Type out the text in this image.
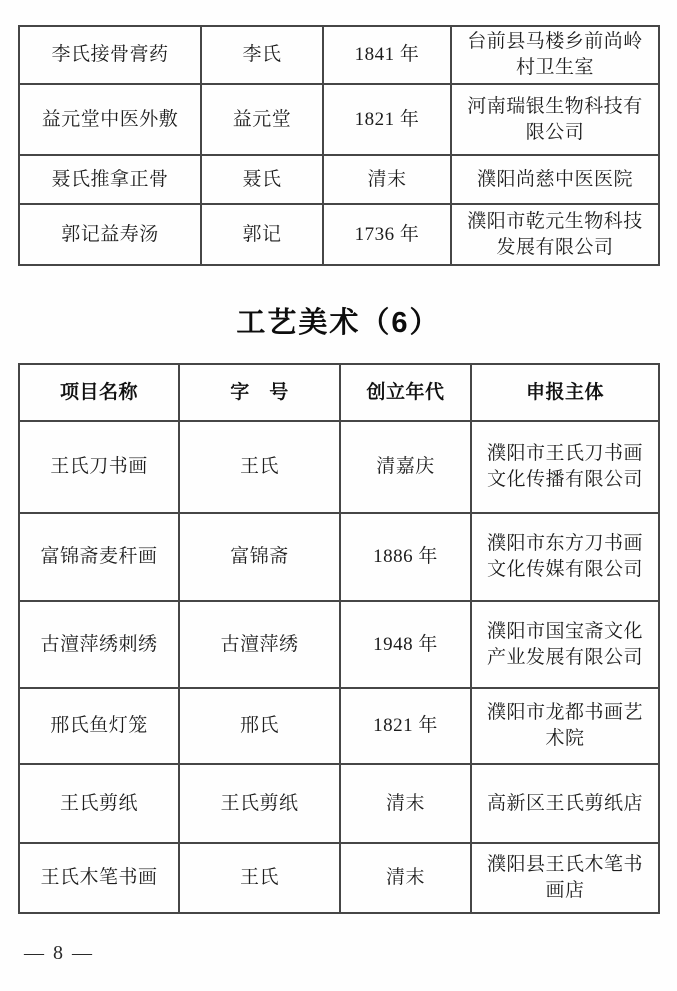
李氏接骨膏药	李氏	1841 年	台前县马楼乡前尚岭村卫生室
益元堂中医外敷	益元堂	1821 年	河南瑞银生物科技有限公司
聂氏推拿正骨	聂氏	清末	濮阳尚慈中医医院
郭记益寿汤	郭记	1736 年	濮阳市乾元生物科技发展有限公司
工艺美术（6）
项目名称	字　号	创立年代	申报主体
王氏刀书画	王氏	清嘉庆	濮阳市王氏刀书画文化传播有限公司
富锦斋麦秆画	富锦斋	1886 年	濮阳市东方刀书画文化传媒有限公司
古澶萍绣刺绣	古澶萍绣	1948 年	濮阳市国宝斋文化产业发展有限公司
邢氏鱼灯笼	邢氏	1821 年	濮阳市龙都书画艺术院
王氏剪纸	王氏剪纸	清末	高新区王氏剪纸店
王氏木笔书画	王氏	清末	濮阳县王氏木笔书画店
— 8 —
